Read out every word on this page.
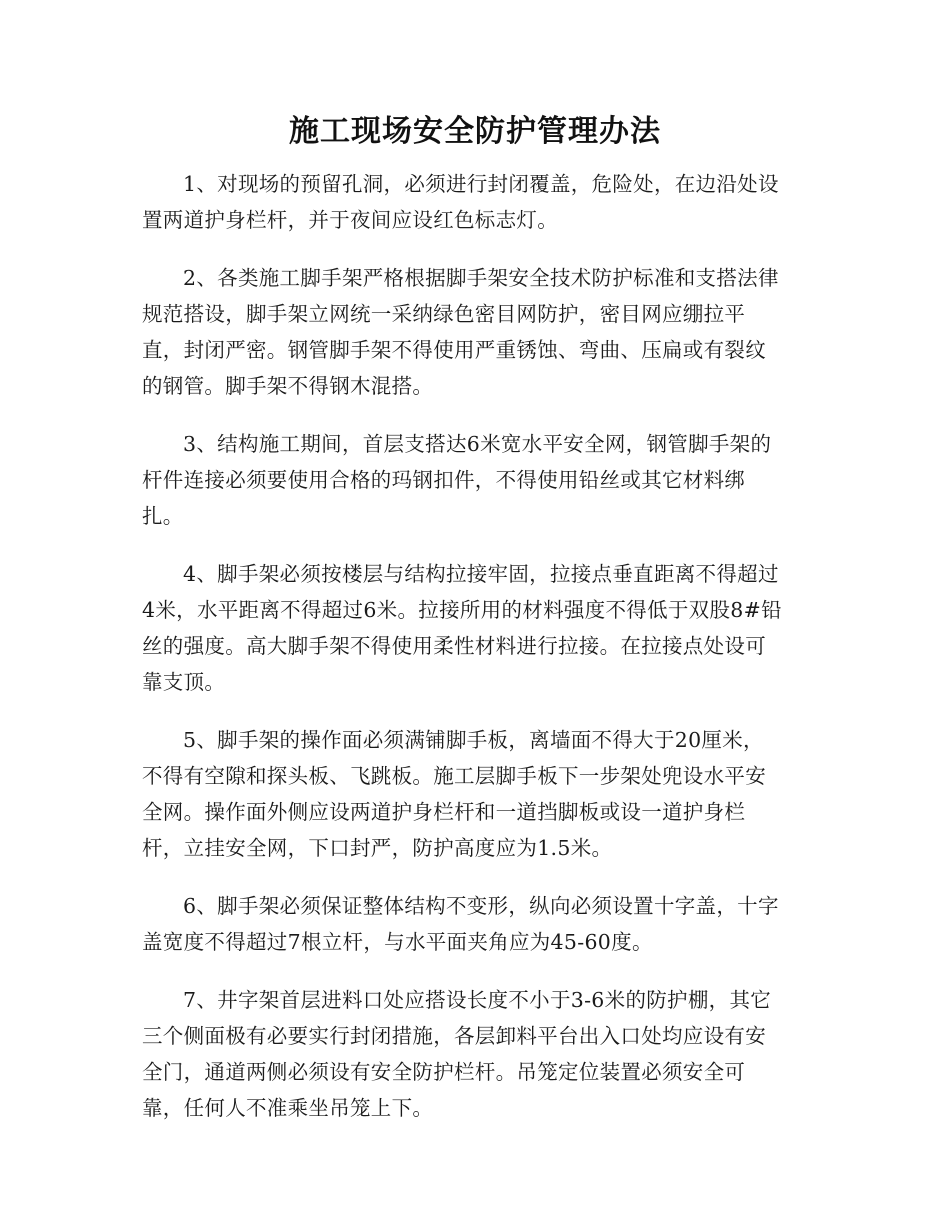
施工现场安全防护管理办法
1、对现场的预留孔洞，必须进行封闭覆盖，危险处，在边沿处设
置两道护身栏杆，并于夜间应设红色标志灯。
2、各类施工脚手架严格根据脚手架安全技术防护标准和支搭法律
规范搭设，脚手架立网统一采纳绿色密目网防护，密目网应绷拉平
直，封闭严密。钢管脚手架不得使用严重锈蚀、弯曲、压扁或有裂纹
的钢管。脚手架不得钢木混搭。
3、结构施工期间，首层支搭达6米宽水平安全网，钢管脚手架的
杆件连接必须要使用合格的玛钢扣件，不得使用铅丝或其它材料绑
扎。
4、脚手架必须按楼层与结构拉接牢固，拉接点垂直距离不得超过
4米，水平距离不得超过6米。拉接所用的材料强度不得低于双股8#铅
丝的强度。高大脚手架不得使用柔性材料进行拉接。在拉接点处设可
靠支顶。
5、脚手架的操作面必须满铺脚手板，离墙面不得大于20厘米，
不得有空隙和探头板、飞跳板。施工层脚手板下一步架处兜设水平安
全网。操作面外侧应设两道护身栏杆和一道挡脚板或设一道护身栏
杆，立挂安全网，下口封严，防护高度应为1.5米。
6、脚手架必须保证整体结构不变形，纵向必须设置十字盖，十字
盖宽度不得超过7根立杆，与水平面夹角应为45-60度。
7、井字架首层进料口处应搭设长度不小于3-6米的防护棚，其它
三个侧面极有必要实行封闭措施，各层卸料平台出入口处均应设有安
全门，通道两侧必须设有安全防护栏杆。吊笼定位装置必须安全可
靠，任何人不准乘坐吊笼上下。
